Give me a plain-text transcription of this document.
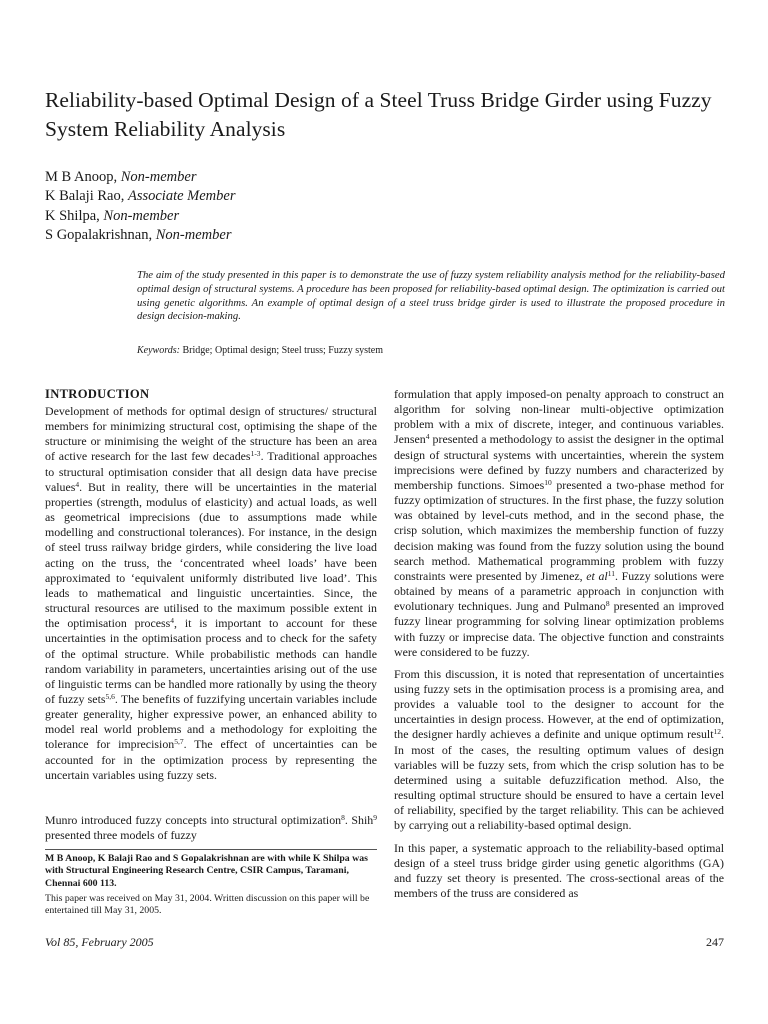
Reliability-based Optimal Design of a Steel Truss Bridge Girder using Fuzzy System Reliability Analysis
M B Anoop, Non-member
K Balaji Rao, Associate Member
K Shilpa, Non-member
S Gopalakrishnan, Non-member

The aim of the study presented in this paper is to demonstrate the use of fuzzy system reliability analysis method for the reliability-based optimal design of structural systems. A procedure has been proposed for reliability-based optimal design. The optimization is carried out using genetic algorithms. An example of optimal design of a steel truss bridge girder is used to illustrate the proposed procedure in design decision-making.

Keywords: Bridge; Optimal design; Steel truss; Fuzzy system
INTRODUCTION

Development of methods for optimal design of structures/ structural members for minimizing structural cost, optimising the shape of the structure or minimising the weight of the structure has been an area of active research for the last few decades$^{1-3}$. Traditional approaches to structural optimisation consider that all design data have precise values$^4$. But in reality, there will be uncertainties in the material properties (strength, modulus of elasticity) and actual loads, as well as geometrical imprecisions (due to assumptions made while modelling and constructional tolerances). For instance, in the design of steel truss railway bridge girders, while considering the live load acting on the truss, the ‘concentrated wheel loads’ have been approximated to ‘equivalent uniformly distributed live load’. This leads to mathematical and linguistic uncertainties. Since, the structural resources are utilised to the maximum possible extent in the optimisation process$^4$, it is important to account for these uncertainties in the optimisation process and to check for the safety of the optimal structure. While probabilistic methods can handle random variability in parameters, uncertainties arising out of the use of linguistic terms can be handled more rationally by using the theory of fuzzy sets$^{5,6}$. The benefits of fuzzifying uncertain variables include greater generality, higher expressive power, an enhanced ability to model real world problems and a methodology for exploiting the tolerance for imprecision$^{5,7}$. The effect of uncertainties can be accounted for in the optimization process by representing the uncertain variables using fuzzy sets.

Munro introduced fuzzy concepts into structural optimization$^8$. Shih$^9$ presented three models of fuzzy

M B Anoop, K Balaji Rao and S Gopalakrishnan are with while K Shilpa was with Structural Engineering Research Centre, CSIR Campus, Taramani, Chennai 600 113.

This paper was received on May 31, 2004. Written discussion on this paper will be entertained till May 31, 2005.

formulation that apply imposed-on penalty approach to construct an algorithm for solving non-linear multi-objective optimization problem with a mix of discrete, integer, and continuous variables. Jensen$^4$ presented a methodology to assist the designer in the optimal design of structural systems with uncertainties, wherein the system imprecisions were defined by fuzzy numbers and characterized by membership functions. Simoes$^{10}$ presented a two-phase method for fuzzy optimization of structures. In the first phase, the fuzzy solution was obtained by level-cuts method, and in the second phase, the crisp solution, which maximizes the membership function of fuzzy decision making was found from the fuzzy solution using the bound search method. Mathematical programming problem with fuzzy constraints were presented by Jimenez, et $al^{11}$. Fuzzy solutions were obtained by means of a parametric approach in conjunction with evolutionary techniques. Jung and Pulmano$^8$ presented an improved fuzzy linear programming for solving linear optimization problems with fuzzy or imprecise data. The objective function and constraints were considered to be fuzzy.

From this discussion, it is noted that representation of uncertainties using fuzzy sets in the optimisation process is a promising area, and provides a valuable tool to the designer to account for the uncertainties in design process. However, at the end of optimization, the designer hardly achieves a definite and unique optimum result$^{12}$. In most of the cases, the resulting optimum values of design variables will be fuzzy sets, from which the crisp solution has to be determined using a suitable defuzzification method. Also, the resulting optimal structure should be ensured to have a certain level of reliability, specified by the target reliability. This can be achieved by carrying out a reliability-based optimal design.

In this paper, a systematic approach to the reliability-based optimal design of a steel truss bridge girder using genetic algorithms (GA) and fuzzy set theory is presented. The cross-sectional areas of the members of the truss are considered as

Vol 85, February 2005	247
